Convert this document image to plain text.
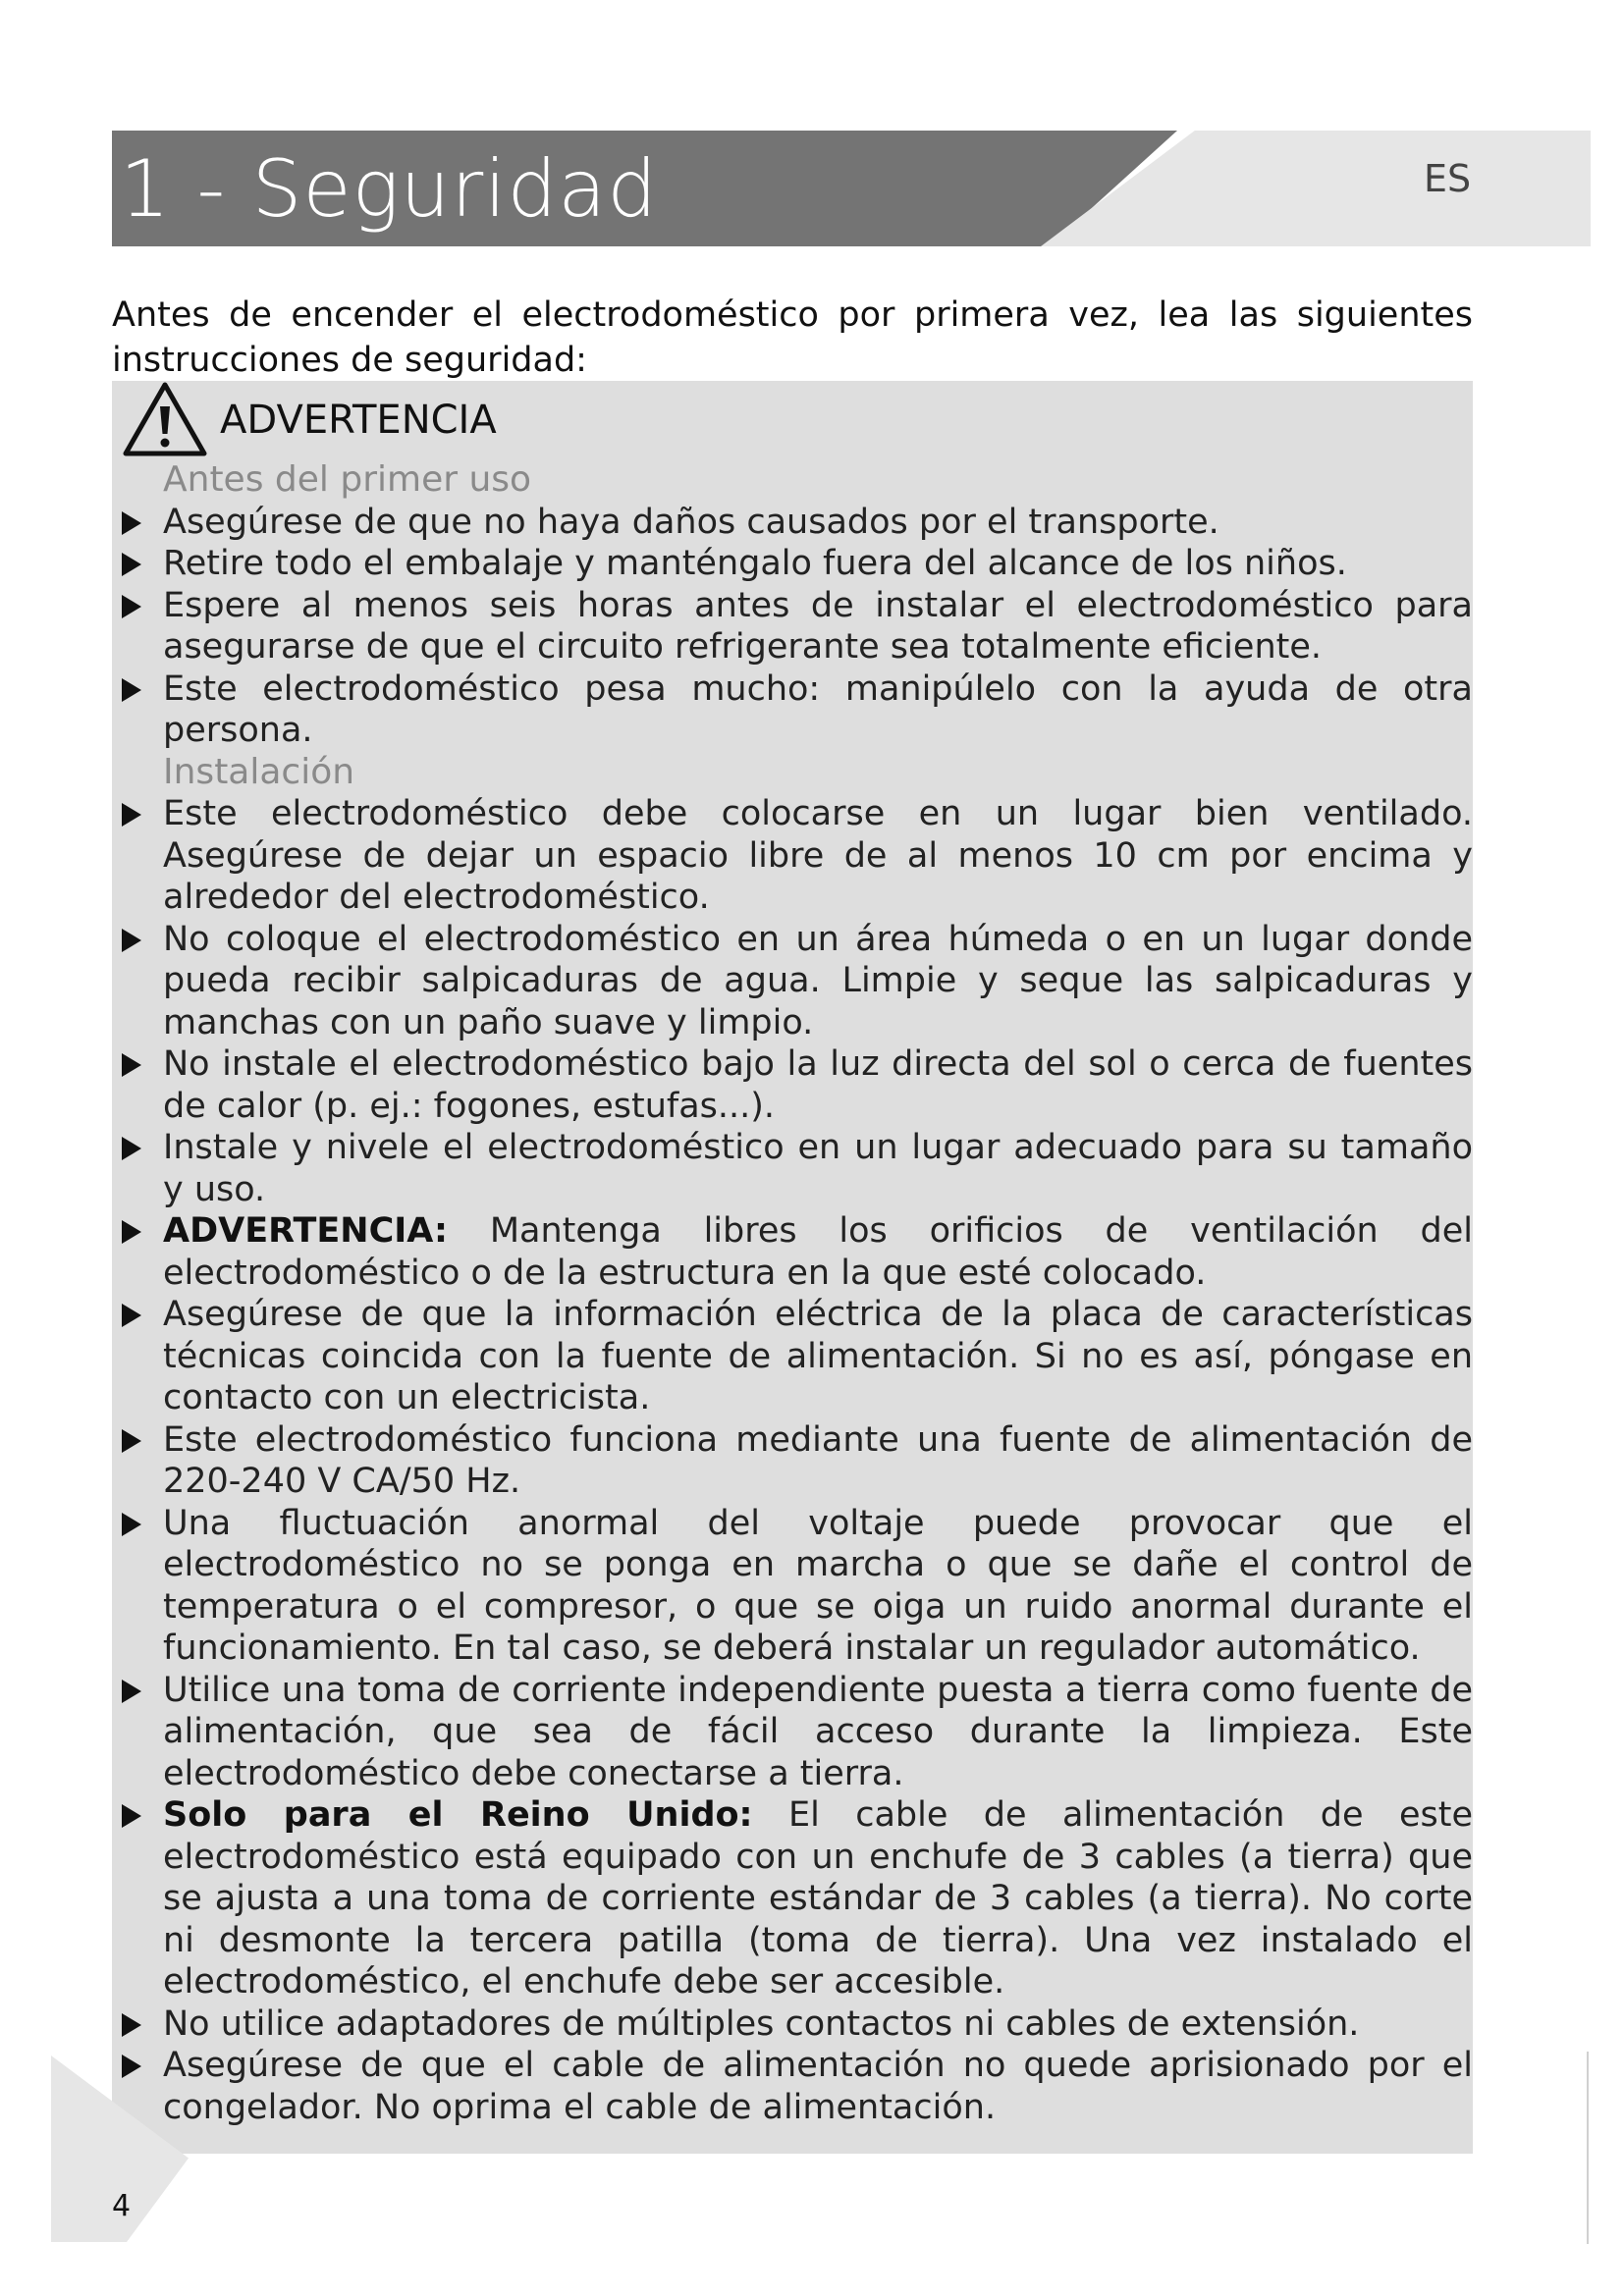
1 - Seguridad	ES
Antes de encender el electrodoméstico por primera vez, lea las siguientes instrucciones de seguridad:
ADVERTENCIA
Antes del primer uso
Asegúrese de que no haya daños causados por el transporte.
Retire todo el embalaje y manténgalo fuera del alcance de los niños.
Espere al menos seis horas antes de instalar el electrodoméstico para asegurarse de que el circuito refrigerante sea totalmente eficiente.
Este electrodoméstico pesa mucho: manipúlelo con la ayuda de otra persona.
Instalación
Este electrodoméstico debe colocarse en un lugar bien ventilado. Asegúrese de dejar un espacio libre de al menos 10 cm por encima y alrededor del electrodoméstico.
No coloque el electrodoméstico en un área húmeda o en un lugar donde pueda recibir salpicaduras de agua. Limpie y seque las salpicaduras y manchas con un paño suave y limpio.
No instale el electrodoméstico bajo la luz directa del sol o cerca de fuentes de calor (p. ej.: fogones, estufas...).
Instale y nivele el electrodoméstico en un lugar adecuado para su tamaño y uso.
ADVERTENCIA: Mantenga libres los orificios de ventilación del electrodoméstico o de la estructura en la que esté colocado.
Asegúrese de que la información eléctrica de la placa de características técnicas coincida con la fuente de alimentación. Si no es así, póngase en contacto con un electricista.
Este electrodoméstico funciona mediante una fuente de alimentación de 220-240 V CA/50 Hz.
Una fluctuación anormal del voltaje puede provocar que el electrodoméstico no se ponga en marcha o que se dañe el control de temperatura o el compresor, o que se oiga un ruido anormal durante el funcionamiento. En tal caso, se deberá instalar un regulador automático.
Utilice una toma de corriente independiente puesta a tierra como fuente de alimentación, que sea de fácil acceso durante la limpieza. Este electrodoméstico debe conectarse a tierra.
Solo para el Reino Unido: El cable de alimentación de este electrodoméstico está equipado con un enchufe de 3 cables (a tierra) que se ajusta a una toma de corriente estándar de 3 cables (a tierra). No corte ni desmonte la tercera patilla (toma de tierra). Una vez instalado el electrodoméstico, el enchufe debe ser accesible.
No utilice adaptadores de múltiples contactos ni cables de extensión.
Asegúrese de que el cable de alimentación no quede aprisionado por el congelador. No oprima el cable de alimentación.
4
